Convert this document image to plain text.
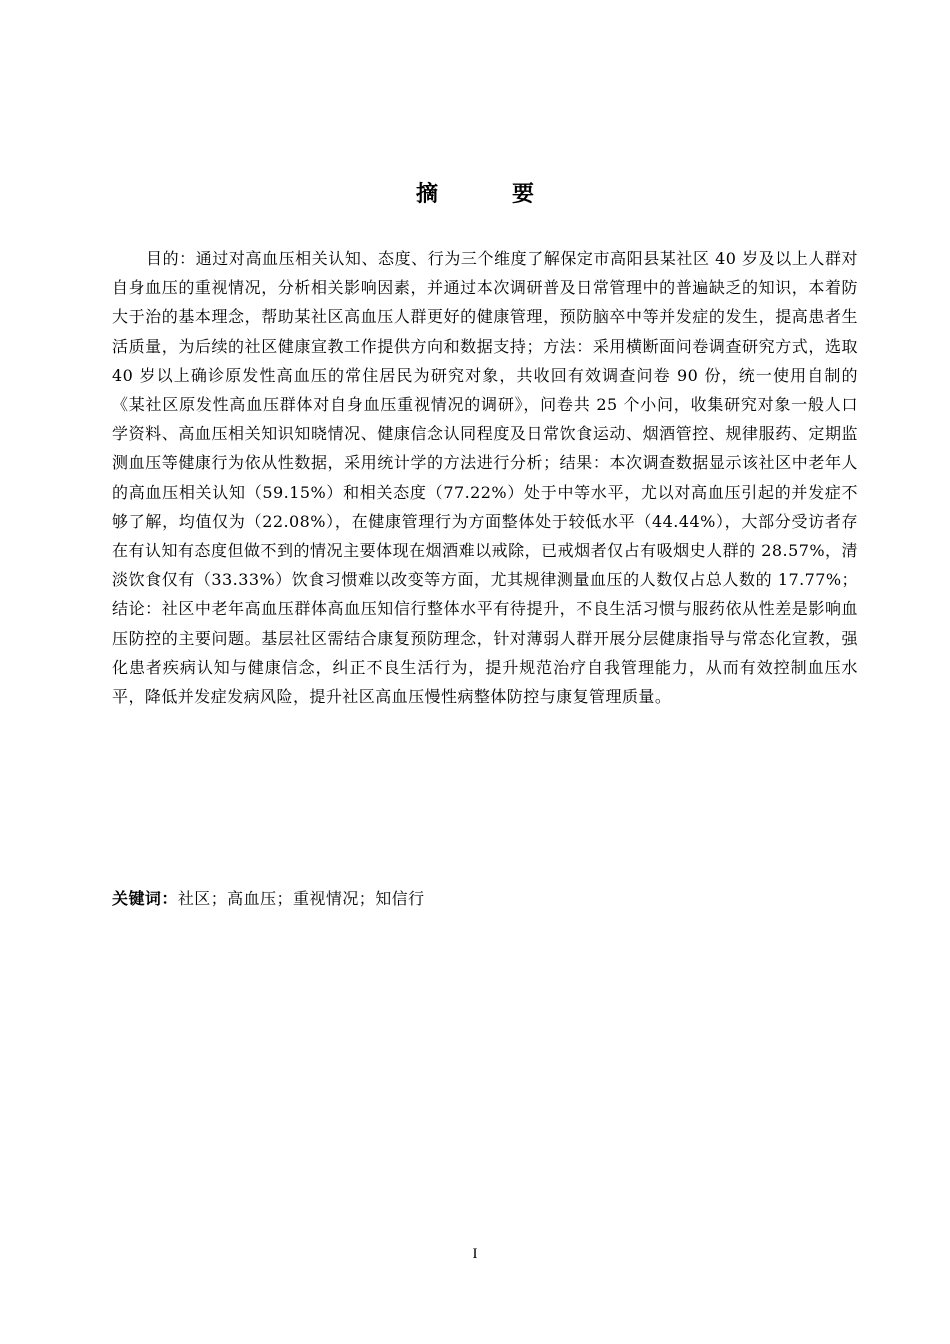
摘　要

目的：通过对高血压相关认知、态度、行为三个维度了解保定市高阳县某社区 40 岁及以上人群对自身血压的重视情况，分析相关影响因素，并通过本次调研普及日常管理中的普遍缺乏的知识，本着防大于治的基本理念，帮助某社区高血压人群更好的健康管理，预防脑卒中等并发症的发生，提高患者生活质量，为后续的社区健康宣教工作提供方向和数据支持；方法：采用横断面问卷调查研究方式，选取 40 岁以上确诊原发性高血压的常住居民为研究对象，共收回有效调查问卷 90 份，统一使用自制的《某社区原发性高血压群体对自身血压重视情况的调研》，问卷共 25 个小问，收集研究对象一般人口学资料、高血压相关知识知晓情况、健康信念认同程度及日常饮食运动、烟酒管控、规律服药、定期监测血压等健康行为依从性数据，采用统计学的方法进行分析；结果：本次调查数据显示该社区中老年人的高血压相关认知（59.15%）和相关态度（77.22%）处于中等水平，尤以对高血压引起的并发症不够了解，均值仅为（22.08%），在健康管理行为方面整体处于较低水平（44.44%），大部分受访者存在有认知有态度但做不到的情况主要体现在烟酒难以戒除，已戒烟者仅占有吸烟史人群的 28.57%，清淡饮食仅有（33.33%）饮食习惯难以改变等方面，尤其规律测量血压的人数仅占总人数的 17.77%；结论：社区中老年高血压群体高血压知信行整体水平有待提升，不良生活习惯与服药依从性差是影响血压防控的主要问题。基层社区需结合康复预防理念，针对薄弱人群开展分层健康指导与常态化宣教，强化患者疾病认知与健康信念，纠正不良生活行为，提升规范治疗自我管理能力，从而有效控制血压水平，降低并发症发病风险，提升社区高血压慢性病整体防控与康复管理质量。

关键词：社区；高血压；重视情况；知信行
I
